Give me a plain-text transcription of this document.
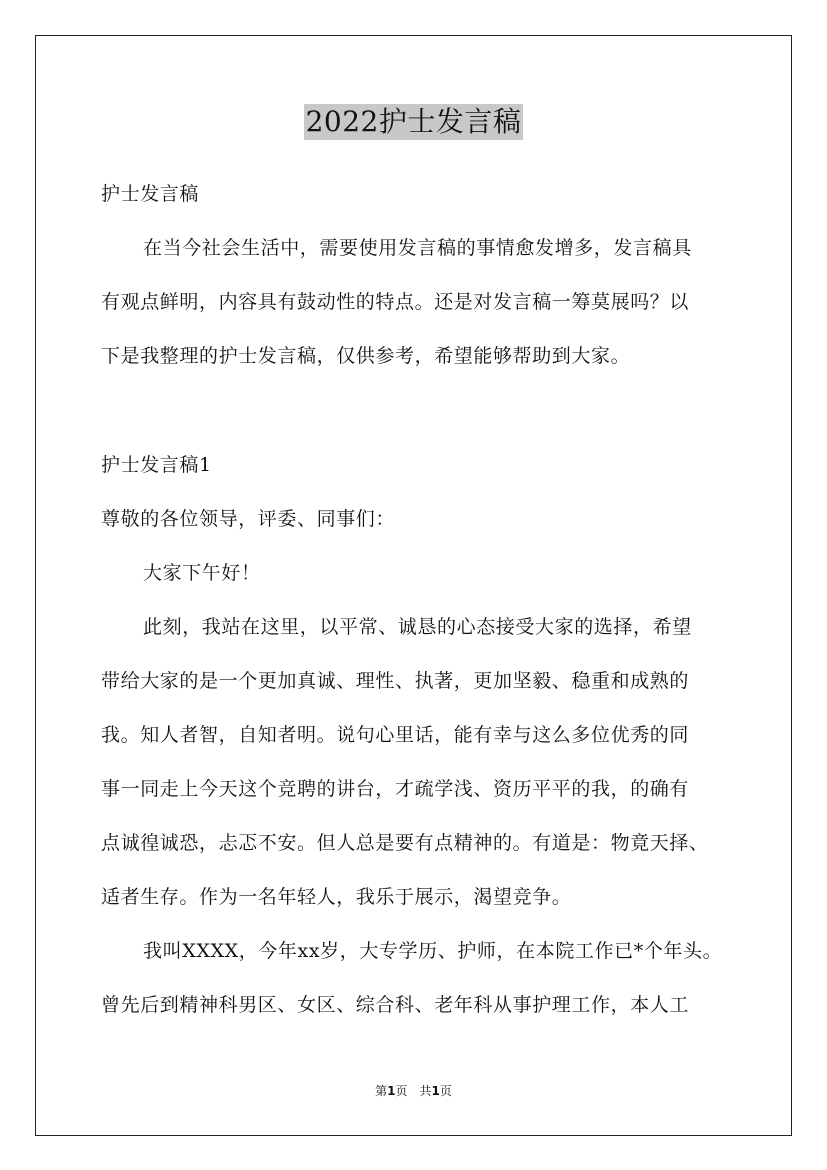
2022护士发言稿
护士发言稿
在当今社会生活中，需要使用发言稿的事情愈发增多，发言稿具
有观点鲜明，内容具有鼓动性的特点。还是对发言稿一筹莫展吗？以
下是我整理的护士发言稿，仅供参考，希望能够帮助到大家。
护士发言稿1
尊敬的各位领导，评委、同事们：
大家下午好！
此刻，我站在这里，以平常、诚恳的心态接受大家的选择，希望
带给大家的是一个更加真诚、理性、执著，更加坚毅、稳重和成熟的
我。知人者智，自知者明。说句心里话，能有幸与这么多位优秀的同
事一同走上今天这个竞聘的讲台，才疏学浅、资历平平的我，的确有
点诚徨诚恐，忐忑不安。但人总是要有点精神的。有道是：物竟天择、
适者生存。作为一名年轻人，我乐于展示，渴望竞争。
我叫XXXX，今年xx岁，大专学历、护师，在本院工作已*个年头。
曾先后到精神科男区、女区、综合科、老年科从事护理工作，本人工
第1页　共1页
